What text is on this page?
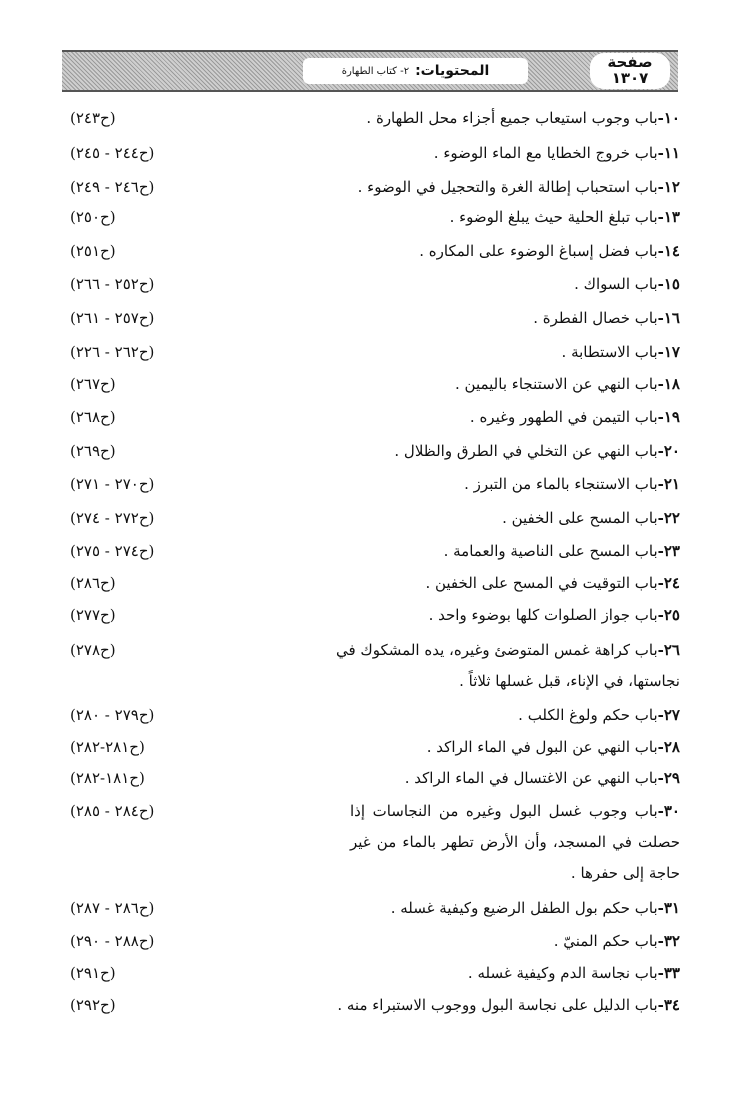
صفحة
١٣٠٧
المحتويات:
٢- كتاب الطهارة
١٠-باب وجوب استيعاب جميع أجزاء محل الطهارة .
(ح٢٤٣)
١١-باب خروج الخطايا مع الماء الوضوء .
(ح٢٤٤ - ٢٤٥)
١٢-باب استحباب إطالة الغرة والتحجيل في الوضوء .
(ح٢٤٦ - ٢٤٩)
١٣-باب تبلغ الحلية حيث يبلغ الوضوء .
(ح٢٥٠)
١٤-باب فضل إسباغ الوضوء على المكاره .
(ح٢٥١)
١٥-باب السواك .
(ح٢٥٢ - ٢٦٦)
١٦-باب خصال الفطرة .
(ح٢٥٧ - ٢٦١)
١٧-باب الاستطابة .
(ح٢٦٢ - ٢٢٦)
١٨-باب النهي عن الاستنجاء باليمين .
(ح٢٦٧)
١٩-باب التيمن في الطهور وغيره .
(ح٢٦٨)
٢٠-باب النهي عن التخلي في الطرق والظلال .
(ح٢٦٩)
٢١-باب الاستنجاء بالماء من التبرز .
(ح٢٧٠ - ٢٧١)
٢٢-باب المسح على الخفين .
(ح٢٧٢ - ٢٧٤)
٢٣-باب المسح على الناصية والعمامة .
(ح٢٧٤ - ٢٧٥)
٢٤-باب التوقيت في المسح على الخفين .
(ح٢٨٦)
٢٥-باب جواز الصلوات كلها بوضوء واحد .
(ح٢٧٧)
٢٦-باب كراهة غمس المتوضئ وغيره، يده المشكوك في
نجاستها، في الإناء، قبل غسلها ثلاثاً .
(ح٢٧٨)
٢٧-باب حكم ولوغ الكلب .
(ح٢٧٩ - ٢٨٠)
٢٨-باب النهي عن البول في الماء الراكد .
(ح٢٨١-٢٨٢)
٢٩-باب النهي عن الاغتسال في الماء الراكد .
(ح١٨١-٢٨٢)
٣٠-باب وجوب غسل البول وغيره من النجاسات إذا
حصلت في المسجد، وأن الأرض تطهر بالماء من غير
حاجة إلى حفرها .
(ح٢٨٤ - ٢٨٥)
٣١-باب حكم بول الطفل الرضيع وكيفية غسله .
(ح٢٨٦ - ٢٨٧)
٣٢-باب حكم المنيّ .
(ح٢٨٨ - ٢٩٠)
٣٣-باب نجاسة الدم وكيفية غسله .
(ح٢٩١)
٣٤-باب الدليل على نجاسة البول ووجوب الاستبراء منه .
(ح٢٩٢)
